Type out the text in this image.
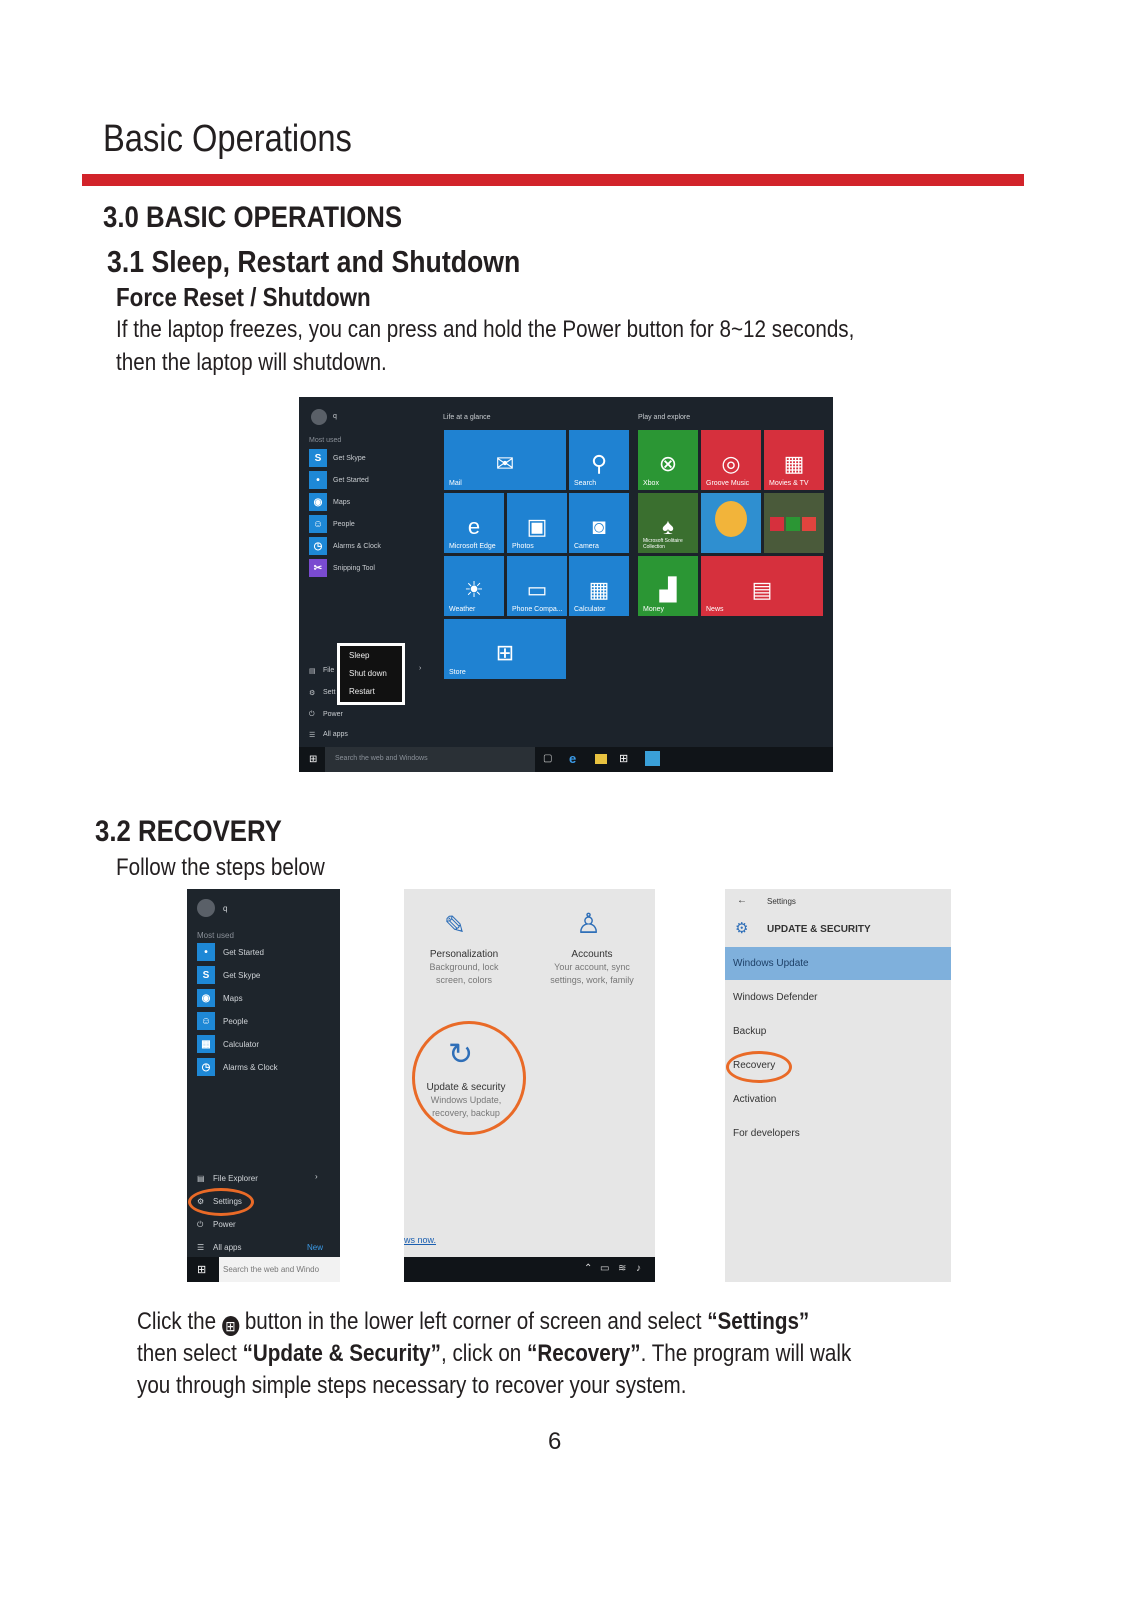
Basic Operations
3.0 BASIC OPERATIONS
3.1 Sleep, Restart and Shutdown
Force Reset / Shutdown
If the laptop freezes, you can press and hold the Power button for 8~12 seconds,
then the laptop will shutdown.
q
Most used
S	Get Skype
•	Get Started
◉	Maps
☺	People
◷	Alarms & Clock
✂	Snipping Tool
▤ File
⚙ Sett
⏻ Power
☰ All apps
›
Sleep
Shut down
Restart
Life at a glance	Play and explore
✉
Mail
⚲
Search
⊗
Xbox
◎
Groove Music
▦
Movies & TV
e
Microsoft Edge
▣
Photos
◙
Camera
♠
Microsoft Solitaire Collection
☀
Weather
▭
Phone Compa...
▦
Calculator
▟
Money
▤
News
⊞
Store
⊞	Search the web and Windows	▢ e	⊞
3.2 RECOVERY
Follow the steps below
q
Most used
•	Get Started
S	Get Skype
◉	Maps
☺	People
▦	Calculator
◷	Alarms & Clock
▤ File Explorer	›
⚙ Settings
⏻ Power
☰ All apps	New
⊞ Search the web and Windo
✎
Personalization
Background, lock
screen, colors
♙
Accounts
Your account, sync
settings, work, family
↻
Update & security
Windows Update,
recovery, backup
ws now.
⌃ ▭ ≋ ♪
←	Settings
⚙ UPDATE & SECURITY
Windows Update
Windows Defender
Backup
Recovery
Activation
For developers
Click the ⊞ button in the lower left corner of screen and select “Settings”
then select “Update & Security”, click on “Recovery”. The program will walk
you through simple steps necessary to recover your system.
6
